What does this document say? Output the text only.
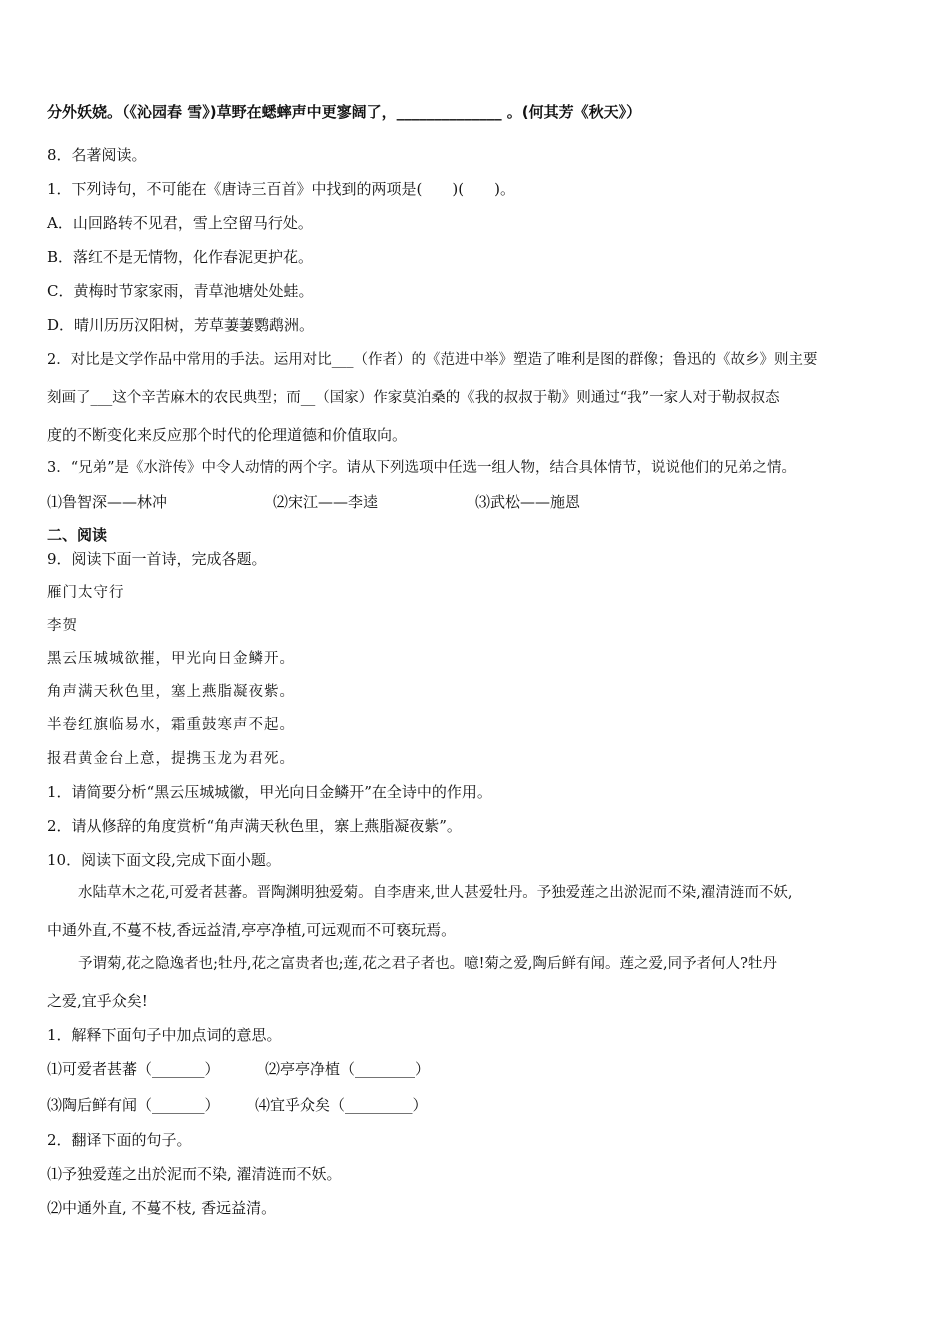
分外妖娆。（《沁园春 雪》)草野在蟋蟀声中更寥阔了，______________ 。(何其芳《秋天》）
8．名著阅读。
1．下列诗句，不可能在《唐诗三百首》中找到的两项是(　　)(　　)。
A．山回路转不见君，雪上空留马行处。
B．落红不是无情物，化作春泥更护花。
C．黄梅时节家家雨，青草池塘处处蛙。
D．晴川历历汉阳树，芳草萋萋鹦鹉洲。
2．对比是文学作品中常用的手法。运用对比___（作者）的《范进中举》塑造了唯利是图的群像；鲁迅的《故乡》则主要
刻画了___这个辛苦麻木的农民典型；而__（国家）作家莫泊桑的《我的叔叔于勒》则通过“我”一家人对于勒叔叔态
度的不断变化来反应那个时代的伦理道德和价值取向。
3．“兄弟”是《水浒传》中令人动情的两个字。请从下列选项中任选一组人物，结合具体情节，说说他们的兄弟之情。
⑴鲁智深——林冲	⑵宋江——李逵	⑶武松——施恩
二、阅读
9．阅读下面一首诗，完成各题。
雁门太守行
李贺
黑云压城城欲摧，甲光向日金鳞开。
角声满天秋色里，塞上燕脂凝夜紫。
半卷红旗临易水，霜重鼓寒声不起。
报君黄金台上意，提携玉龙为君死。
1．请简要分析“黑云压城城徽，甲光向日金鳞开”在全诗中的作用。
2．请从修辞的角度赏析“角声满天秋色里，寨上燕脂凝夜紫”。
10．阅读下面文段,完成下面小题。
水陆草木之花,可爱者甚蕃。晋陶渊明独爱菊。自李唐来,世人甚爱牡丹。予独爱莲之出淤泥而不染,濯清涟而不妖,
中通外直,不蔓不枝,香远益清,亭亭净植,可远观而不可亵玩焉。
予谓菊,花之隐逸者也;牡丹,花之富贵者也;莲,花之君子者也。噫!菊之爱,陶后鲜有闻。莲之爱,同予者何人?牡丹
之爱,宜乎众矣!
1．解释下面句子中加点词的意思。
⑴可爱者甚蕃（_______）	⑵亭亭净植（________）
⑶陶后鲜有闻（_______） ⑷宜乎众矣（_________）
2．翻译下面的句子。
⑴予独爱莲之出於泥而不染, 濯清涟而不妖。
⑵中通外直, 不蔓不枝, 香远益清。
